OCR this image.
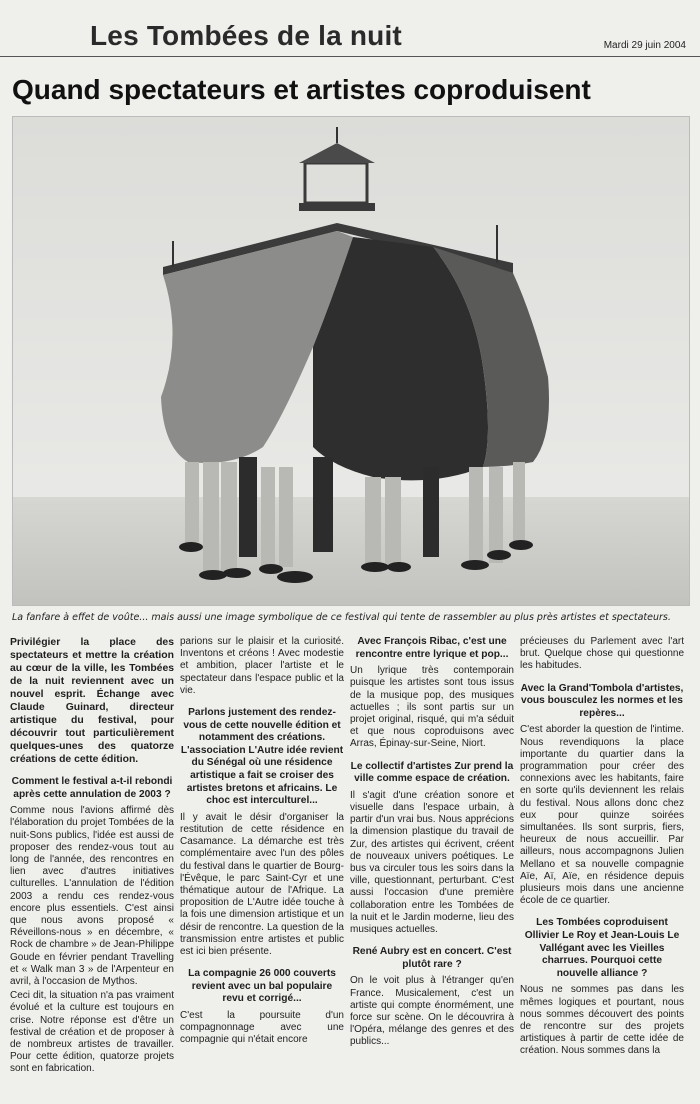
Les Tombées de la nuit	Mardi 29 juin 2004
Quand spectateurs et artistes coproduisent
La fanfare à effet de voûte... mais aussi une image symbolique de ce festival qui tente de rassembler au plus près artistes et spectateurs.

Privilégier la place des spectateurs et mettre la création au cœur de la ville, les Tombées de la nuit reviennent avec un nouvel esprit. Échange avec Claude Guinard, directeur artistique du festival, pour découvrir tout particulièrement quelques-unes des quatorze créations de cette édition.

Comment le festival a-t-il rebondi après cette annulation de 2003 ?

Comme nous l'avions affirmé dès l'élaboration du projet Tombées de la nuit-Sons publics, l'idée est aussi de proposer des rendez-vous tout au long de l'année, des rencontres en lien avec d'autres initiatives culturelles. L'annulation de l'édition 2003 a rendu ces rendez-vous encore plus essentiels. C'est ainsi que nous avons proposé « Réveillons-nous » en décembre, « Rock de chambre » de Jean-Philippe Goude en février pendant Travelling et « Walk man 3 » de l'Arpenteur en avril, à l'occasion de Mythos.

Ceci dit, la situation n'a pas vraiment évolué et la culture est toujours en crise. Notre réponse est d'être un festival de création et de proposer à de nombreux artistes de travailler. Pour cette édition, quatorze projets sont en fabrication.

parions sur le plaisir et la curiosité. Inventons et créons ! Avec modestie et ambition, placer l'artiste et le spectateur dans l'espace public et la vie.

Parlons justement des rendez-vous de cette nouvelle édition et notamment des créations. L'association L'Autre idée revient du Sénégal où une résidence artistique a fait se croiser des artistes bretons et africains. Le choc est interculturel...

Il y avait le désir d'organiser la restitution de cette résidence en Casamance. La démarche est très complémentaire avec l'un des pôles du festival dans le quartier de Bourg-l'Évêque, le parc Saint-Cyr et une thématique autour de l'Afrique. La proposition de L'Autre idée touche à la fois une dimension artistique et un désir de rencontre. La question de la transmission entre artistes et public est ici bien présente.

La compagnie 26 000 couverts revient avec un bal populaire revu et corrigé...

C'est la poursuite d'un compagnonnage avec une compagnie qui n'était encore

Avec François Ribac, c'est une rencontre entre lyrique et pop...

Un lyrique très contemporain puisque les artistes sont tous issus de la musique pop, des musiques actuelles ; ils sont partis sur un projet original, risqué, qui m'a séduit et que nous coproduisons avec Arras, Épinay-sur-Seine, Niort.

Le collectif d'artistes Zur prend la ville comme espace de création.

Il s'agit d'une création sonore et visuelle dans l'espace urbain, à partir d'un vrai bus. Nous apprécions la dimension plastique du travail de Zur, des artistes qui écrivent, créent de nouveaux univers poétiques. Le bus va circuler tous les soirs dans la ville, questionnant, perturbant. C'est aussi l'occasion d'une première collaboration entre les Tombées de la nuit et le Jardin moderne, lieu des musiques actuelles.

René Aubry est en concert. C'est plutôt rare ?

On le voit plus à l'étranger qu'en France. Musicalement, c'est un artiste qui compte énormément, une force sur scène. On le découvrira à l'Opéra, mélange des genres et des publics...

précieuses du Parlement avec l'art brut. Quelque chose qui questionne les habitudes.

Avec la Grand'Tombola d'artistes, vous bousculez les normes et les repères...

C'est aborder la question de l'intime. Nous revendiquons la place importante du quartier dans la programmation pour créer des connexions avec les habitants, faire en sorte qu'ils deviennent les relais du festival. Nous allons donc chez eux pour quinze soirées simultanées. Ils sont surpris, fiers, heureux de nous accueillir. Par ailleurs, nous accompagnons Julien Mellano et sa nouvelle compagnie Aïe, Aï, Aïe, en résidence depuis plusieurs mois dans une ancienne école de ce quartier.

Les Tombées coproduisent Ollivier Le Roy et Jean-Louis Le Vallégant avec les Vieilles charrues. Pourquoi cette nouvelle alliance ?

Nous ne sommes pas dans les mêmes logiques et pourtant, nous nous sommes découvert des points de rencontre sur des projets artistiques à partir de cette idée de création. Nous sommes dans la
